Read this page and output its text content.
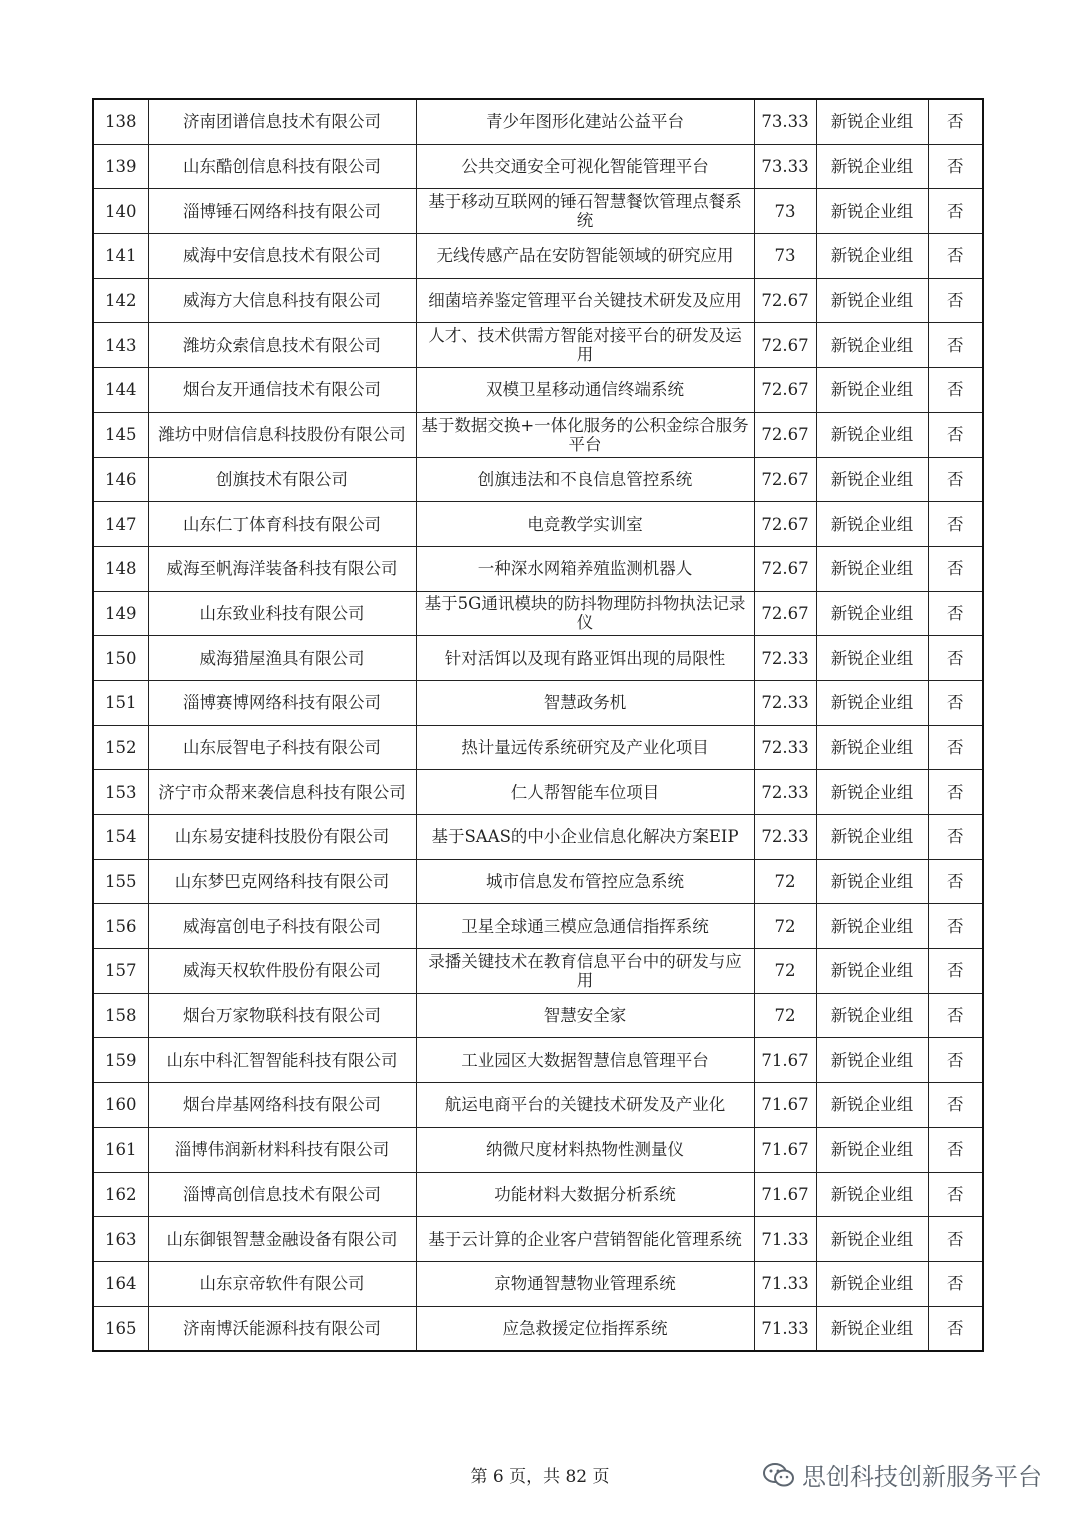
138	济南团谱信息技术有限公司	青少年图形化建站公益平台	73.33	新锐企业组	否
139	山东酷创信息科技有限公司	公共交通安全可视化智能管理平台	73.33	新锐企业组	否
140	淄博锤石网络科技有限公司	基于移动互联网的锤石智慧餐饮管理点餐系统	73	新锐企业组	否
141	威海中安信息技术有限公司	无线传感产品在安防智能领域的研究应用	73	新锐企业组	否
142	威海方大信息科技有限公司	细菌培养鉴定管理平台关键技术研发及应用	72.67	新锐企业组	否
143	潍坊众索信息技术有限公司	人才、技术供需方智能对接平台的研发及运用	72.67	新锐企业组	否
144	烟台友开通信技术有限公司	双模卫星移动通信终端系统	72.67	新锐企业组	否
145	潍坊中财信信息科技股份有限公司	基于数据交换+一体化服务的公积金综合服务平台	72.67	新锐企业组	否
146	创旗技术有限公司	创旗违法和不良信息管控系统	72.67	新锐企业组	否
147	山东仁丁体育科技有限公司	电竞教学实训室	72.67	新锐企业组	否
148	威海至帆海洋装备科技有限公司	一种深水网箱养殖监测机器人	72.67	新锐企业组	否
149	山东致业科技有限公司	基于5G通讯模块的防抖物理防抖物执法记录仪	72.67	新锐企业组	否
150	威海猎屋渔具有限公司	针对活饵以及现有路亚饵出现的局限性	72.33	新锐企业组	否
151	淄博赛博网络科技有限公司	智慧政务机	72.33	新锐企业组	否
152	山东辰智电子科技有限公司	热计量远传系统研究及产业化项目	72.33	新锐企业组	否
153	济宁市众帮来袭信息科技有限公司	仁人帮智能车位项目	72.33	新锐企业组	否
154	山东易安捷科技股份有限公司	基于SAAS的中小企业信息化解决方案EIP	72.33	新锐企业组	否
155	山东梦巴克网络科技有限公司	城市信息发布管控应急系统	72	新锐企业组	否
156	威海富创电子科技有限公司	卫星全球通三模应急通信指挥系统	72	新锐企业组	否
157	威海天权软件股份有限公司	录播关键技术在教育信息平台中的研发与应用	72	新锐企业组	否
158	烟台万家物联科技有限公司	智慧安全家	72	新锐企业组	否
159	山东中科汇智智能科技有限公司	工业园区大数据智慧信息管理平台	71.67	新锐企业组	否
160	烟台岸基网络科技有限公司	航运电商平台的关键技术研发及产业化	71.67	新锐企业组	否
161	淄博伟润新材料科技有限公司	纳微尺度材料热物性测量仪	71.67	新锐企业组	否
162	淄博高创信息技术有限公司	功能材料大数据分析系统	71.67	新锐企业组	否
163	山东御银智慧金融设备有限公司	基于云计算的企业客户营销智能化管理系统	71.33	新锐企业组	否
164	山东京帝软件有限公司	京物通智慧物业管理系统	71.33	新锐企业组	否
165	济南博沃能源科技有限公司	应急救援定位指挥系统	71.33	新锐企业组	否
第 6 页，共 82 页	思创科技创新服务平台
